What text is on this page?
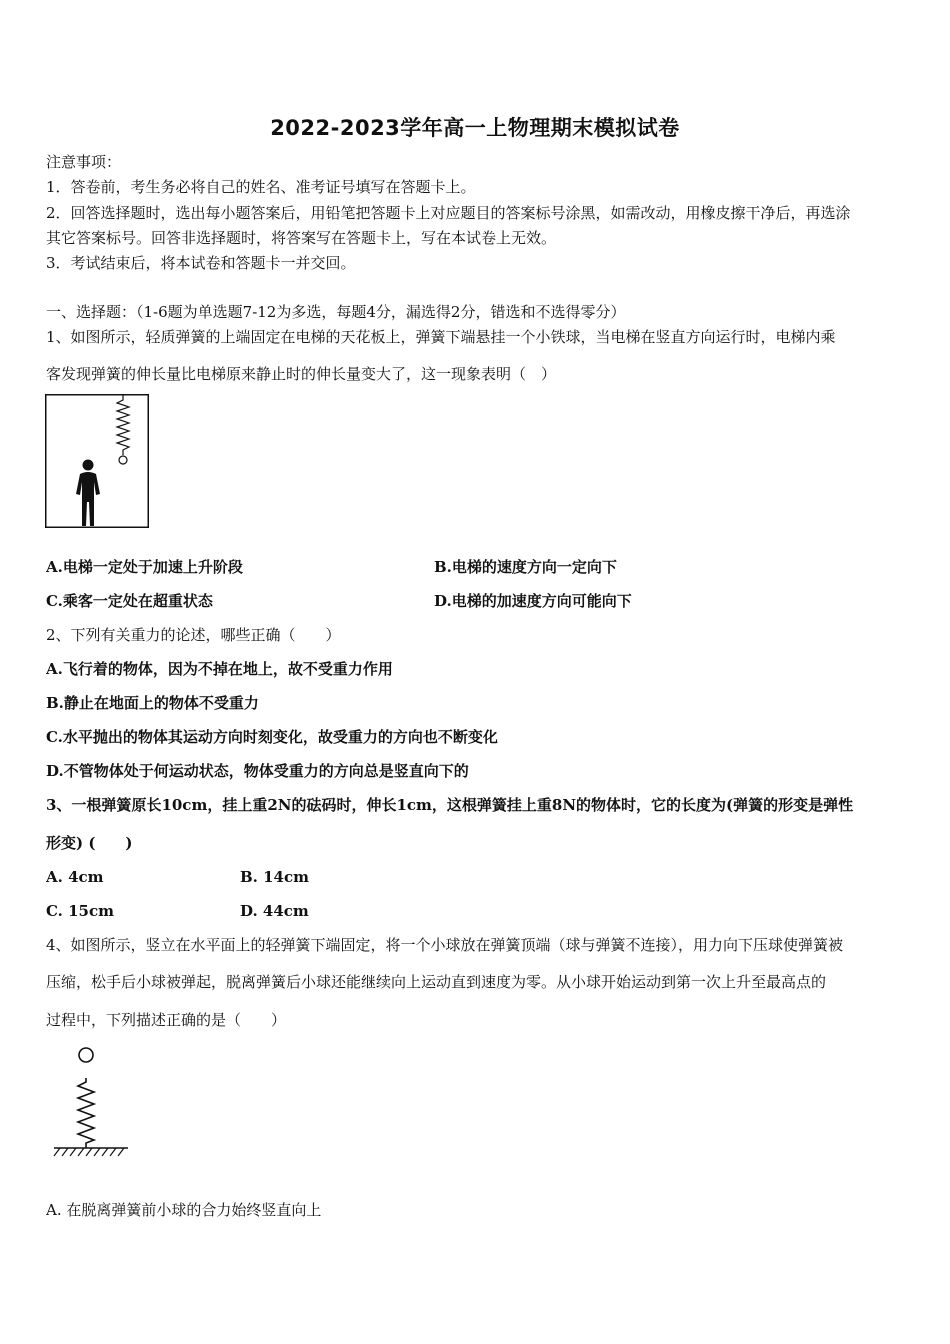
2022-2023学年高一上物理期末模拟试卷
注意事项：
1．答卷前，考生务必将自己的姓名、准考证号填写在答题卡上。
2．回答选择题时，选出每小题答案后，用铅笔把答题卡上对应题目的答案标号涂黑，如需改动，用橡皮擦干净后，再选涂
其它答案标号。回答非选择题时，将答案写在答题卡上，写在本试卷上无效。
3．考试结束后，将本试卷和答题卡一并交回。
一、选择题：（1-6题为单选题7-12为多选，每题4分，漏选得2分，错选和不选得零分）
1、如图所示，轻质弹簧的上端固定在电梯的天花板上，弹簧下端悬挂一个小铁球，当电梯在竖直方向运行时，电梯内乘
客发现弹簧的伸长量比电梯原来静止时的伸长量变大了，这一现象表明（　）
A.电梯一定处于加速上升阶段	B.电梯的速度方向一定向下
C.乘客一定处在超重状态	D.电梯的加速度方向可能向下
2、下列有关重力的论述，哪些正确（　　）
A.飞行着的物体，因为不掉在地上，故不受重力作用
B.静止在地面上的物体不受重力
C.水平抛出的物体其运动方向时刻变化，故受重力的方向也不断变化
D.不管物体处于何运动状态，物体受重力的方向总是竖直向下的
3、一根弹簧原长10cm，挂上重2N的砝码时，伸长1cm，这根弹簧挂上重8N的物体时，它的长度为(弹簧的形变是弹性
形变) (　　)
A. 4cm	B. 14cm
C. 15cm	D. 44cm
4、如图所示，竖立在水平面上的轻弹簧下端固定，将一个小球放在弹簧顶端（球与弹簧不连接），用力向下压球使弹簧被
压缩，松手后小球被弹起，脱离弹簧后小球还能继续向上运动直到速度为零。从小球开始运动到第一次上升至最高点的
过程中，下列描述正确的是（　　）
A. 在脱离弹簧前小球的合力始终竖直向上
